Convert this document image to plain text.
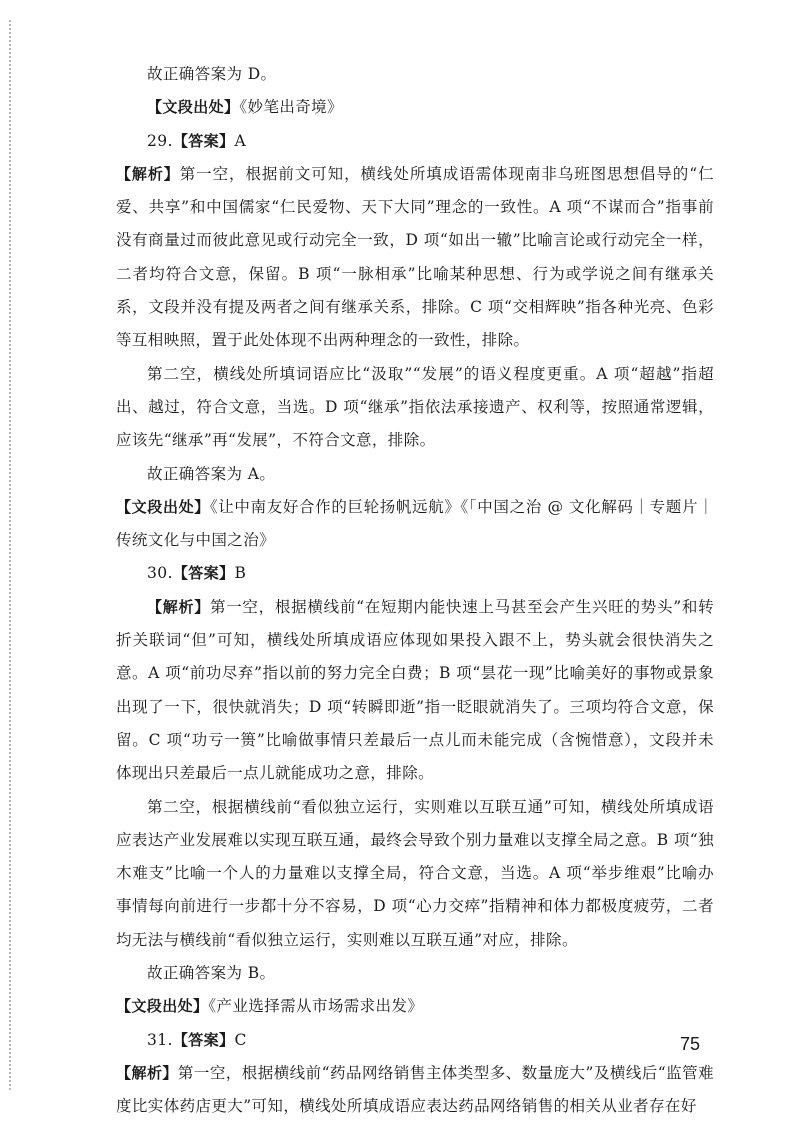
故正确答案为 D。

【文段出处】《妙笔出奇境》

29.【答案】A

【解析】第一空，根据前文可知，横线处所填成语需体现南非乌班图思想倡导的“仁爱、共享”和中国儒家“仁民爱物、天下大同”理念的一致性。A 项“不谋而合”指事前没有商量过而彼此意见或行动完全一致，D 项“如出一辙”比喻言论或行动完全一样，二者均符合文意，保留。B 项“一脉相承”比喻某种思想、行为或学说之间有继承关系，文段并没有提及两者之间有继承关系，排除。C 项“交相辉映”指各种光亮、色彩等互相映照，置于此处体现不出两种理念的一致性，排除。

第二空，横线处所填词语应比“汲取”“发展”的语义程度更重。A 项“超越”指超出、越过，符合文意，当选。D 项“继承”指依法承接遗产、权利等，按照通常逻辑，应该先“继承”再“发展”，不符合文意，排除。

故正确答案为 A。

【文段出处】《让中南友好合作的巨轮扬帆远航》《「中国之治 @ 文化解码｜专题片｜传统文化与中国之治》

30.【答案】B

【解析】第一空，根据横线前“在短期内能快速上马甚至会产生兴旺的势头”和转折关联词“但”可知，横线处所填成语应体现如果投入跟不上，势头就会很快消失之意。A 项“前功尽弃”指以前的努力完全白费；B 项“昙花一现”比喻美好的事物或景象出现了一下，很快就消失；D 项“转瞬即逝”指一眨眼就消失了。三项均符合文意，保留。C 项“功亏一篑”比喻做事情只差最后一点儿而未能完成（含惋惜意），文段并未体现出只差最后一点儿就能成功之意，排除。

第二空，根据横线前“看似独立运行，实则难以互联互通”可知，横线处所填成语应表达产业发展难以实现互联互通，最终会导致个别力量难以支撑全局之意。B 项“独木难支”比喻一个人的力量难以支撑全局，符合文意，当选。A 项“举步维艰”比喻办事情每向前进行一步都十分不容易，D 项“心力交瘁”指精神和体力都极度疲劳，二者均无法与横线前“看似独立运行，实则难以互联互通”对应，排除。

故正确答案为 B。

【文段出处】《产业选择需从市场需求出发》

31.【答案】C

【解析】第一空，根据横线前“药品网络销售主体类型多、数量庞大”及横线后“监管难度比实体药店更大”可知，横线处所填成语应表达药品网络销售的相关从业者存在好

75
